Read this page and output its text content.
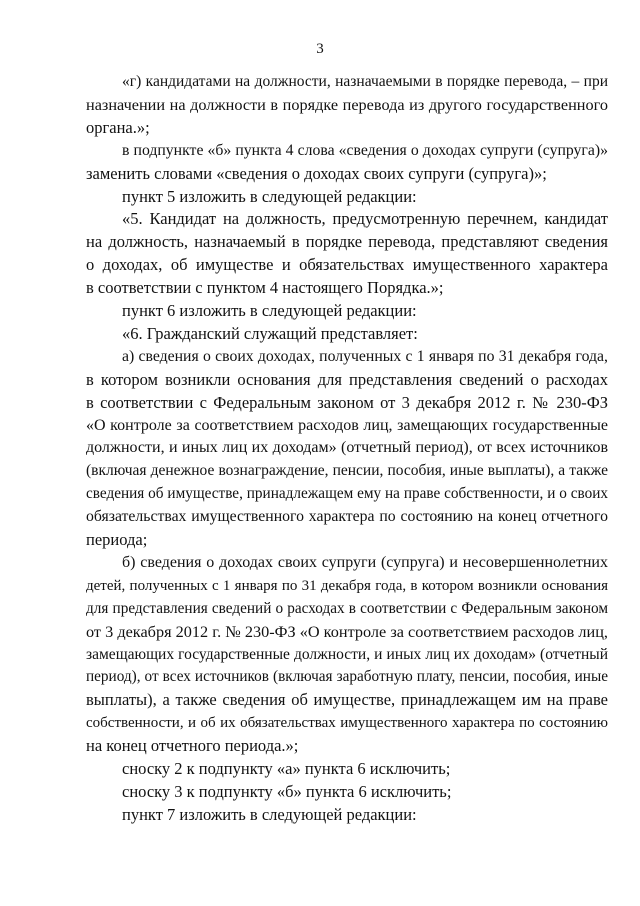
3
«г) кандидатами на должности, назначаемыми в порядке перевода, – при
назначении на должности в порядке перевода из другого государственного
органа.»;
в подпункте «б» пункта 4 слова «сведения о доходах супруги (супруга)»
заменить словами «сведения о доходах своих супруги (супруга)»;
пункт 5 изложить в следующей редакции:
«5. Кандидат на должность, предусмотренную перечнем, кандидат
на должность, назначаемый в порядке перевода, представляют сведения
о доходах, об имуществе и обязательствах имущественного характера
в соответствии с пунктом 4 настоящего Порядка.»;
пункт 6 изложить в следующей редакции:
«6. Гражданский служащий представляет:
а) сведения о своих доходах, полученных с 1 января по 31 декабря года,
в котором возникли основания для представления сведений о расходах
в соответствии с Федеральным законом от 3 декабря 2012 г. № 230-ФЗ
«О контроле за соответствием расходов лиц, замещающих государственные
должности, и иных лиц их доходам» (отчетный период), от всех источников
(включая денежное вознаграждение, пенсии, пособия, иные выплаты), а также
сведения об имуществе, принадлежащем ему на праве собственности, и о своих
обязательствах имущественного характера по состоянию на конец отчетного
периода;
б) сведения о доходах своих супруги (супруга) и несовершеннолетних
детей, полученных с 1 января по 31 декабря года, в котором возникли основания
для представления сведений о расходах в соответствии с Федеральным законом
от 3 декабря 2012 г. № 230-ФЗ «О контроле за соответствием расходов лиц,
замещающих государственные должности, и иных лиц их доходам» (отчетный
период), от всех источников (включая заработную плату, пенсии, пособия, иные
выплаты), а также сведения об имуществе, принадлежащем им на праве
собственности, и об их обязательствах имущественного характера по состоянию
на конец отчетного периода.»;
сноску 2 к подпункту «а» пункта 6 исключить;
сноску 3 к подпункту «б» пункта 6 исключить;
пункт 7 изложить в следующей редакции:
